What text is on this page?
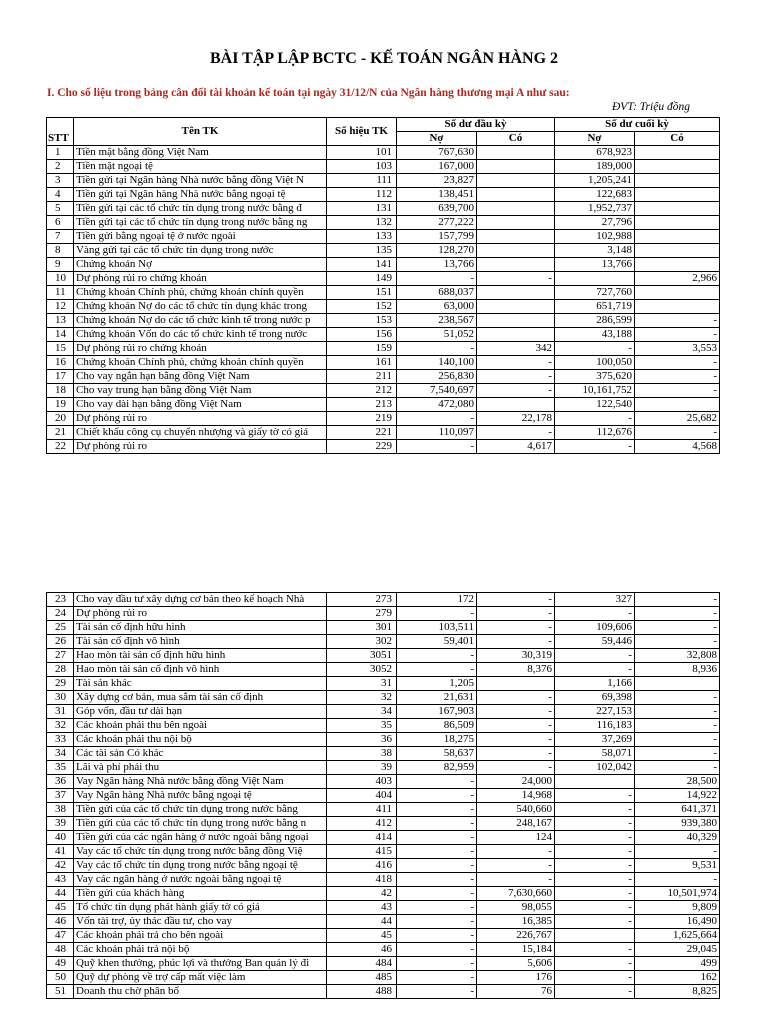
BÀI TẬP LẬP BCTC - KẾ TOÁN NGÂN HÀNG 2
I. Cho số liệu trong bảng cân đối tài khoản kế toán tại ngày 31/12/N của Ngân hàng thương mại A như sau:
ĐVT: Triệu đồng
STT	Tên TK	Số hiệu TK	Số dư đầu kỳ		Số dư cuối kỳ	
			Nợ	Có	Nợ	Có
1	Tiền mặt bằng đồng Việt Nam	101	767,630		678,923	
2	Tiền mặt ngoại tệ	103	167,000		189,000	
3	Tiền gửi tại Ngân hàng Nhà nước bằng đồng Việt N	111	23,827		1,205,241	
4	Tiền gửi tại Ngân hàng Nhà nước bằng ngoại tệ	112	138,451		122,683	
5	Tiền gửi tại các tổ chức tín dụng trong nước bằng đ	131	639,700		1,952,737	
6	Tiền gửi tại các tổ chức tín dụng trong nước bằng ng	132	277,222		27,796	
7	Tiền gửi bằng ngoại tệ ở nước ngoài	133	157,799		102,988	
8	Vàng gửi tại các tổ chức tín dụng trong nước	135	128,270		3,148	
9	Chứng khoán Nợ	141	13,766		13,766	
10	Dự phòng rủi ro chứng khoán	149	-	-		2,966
11	Chứng khoán Chính phủ, chứng khoán chính quyền	151	688,037		727,760	
12	Chứng khoán Nợ do các tổ chức tín dụng khác trong	152	63,000		651,719	
13	Chứng khoán Nợ do các tổ chức kinh tế trong nước p	153	238,567		286,599	-
14	Chứng khoán Vốn do các tổ chức kinh tế trong nước	156	51,052		43,188	-
15	Dự phòng rủi ro chứng khoán	159	-	342	-	3,553
16	Chứng khoán Chính phủ, chứng khoán chính quyền	161	140,100	-	100,050	-
17	Cho vay ngắn hạn bằng đồng Việt Nam	211	256,830	-	375,620	-
18	Cho vay trung hạn bằng đồng Việt Nam	212	7,540,697	-	10,161,752	-
19	Cho vay dài hạn bằng đồng Việt Nam	213	472,080		122,540	
20	Dự phòng rủi ro	219	-	22,178	-	25,682
21	Chiết khấu công cụ chuyển nhượng và giấy tờ có giá	221	110,097	-	112,676	-
22	Dự phòng rủi ro	229	-	4,617	-	4,568
23	Cho vay đầu tư xây dựng cơ bản theo kế hoạch Nhà	273	172	-	327	-
24	Dự phòng rủi ro	279	-	-	-	-
25	Tài sản cố định hữu hình	301	103,511	-	109,606	-
26	Tài sản cố định vô hình	302	59,401	-	59,446	-
27	Hao mòn tài sản cố định hữu hình	3051	-	30,319	-	32,808
28	Hao mòn tài sản cố định vô hình	3052	-	8,376	-	8,936
29	Tài sản khác	31	1,205		1,166	
30	Xây dựng cơ bản, mua sắm tài sản cố định	32	21,631	-	69,398	-
31	Góp vốn, đầu tư dài hạn	34	167,903	-	227,153	-
32	Các khoản phải thu bên ngoài	35	86,509	-	116,183	-
33	Các khoản phải thu nội bộ	36	18,275	-	37,269	-
34	Các tài sản Có khác	38	58,637	-	58,071	-
35	Lãi và phí phải thu	39	82,959	-	102,042	-
36	Vay Ngân hàng Nhà nước bằng đồng Việt Nam	403	-	24,000		28,500
37	Vay Ngân hàng Nhà nước bằng ngoại tệ	404	-	14,968	-	14,922
38	Tiền gửi của các tổ chức tín dụng trong nước bằng	411	-	540,660	-	641,371
39	Tiền gửi của các tổ chức tín dụng trong nước bằng n	412	-	248,167	-	939,380
40	Tiền gửi của các ngân hàng ở nước ngoài bằng ngoại	414	-	124	-	40,329
41	Vay các tổ chức tín dụng trong nước bằng đồng Việ	415	-	-	-	-
42	Vay các tổ chức tín dụng trong nước bằng ngoại tệ	416	-	-	-	9,531
43	Vay các ngân hàng ở nước ngoài bằng ngoại tệ	418	-	-	-	-
44	Tiền gửi của khách hàng	42	-	7,630,660	-	10,501,974
45	Tổ chức tín dụng phát hành giấy tờ có giá	43	-	98,055	-	9,809
46	Vốn tài trợ, ủy thác đầu tư, cho vay	44	-	16,385	-	16,490
47	Các khoản phải trả cho bên ngoài	45	-	226,767		1,625,664
48	Các khoản phải trả nội bộ	46	-	15,184	-	29,045
49	Quỹ khen thưởng, phúc lợi và thưởng Ban quản lý đi	484	-	5,606	-	499
50	Quỹ dự phòng về trợ cấp mất việc làm	485	-	176	-	162
51	Doanh thu chờ phân bổ	488	-	76	-	8,825
